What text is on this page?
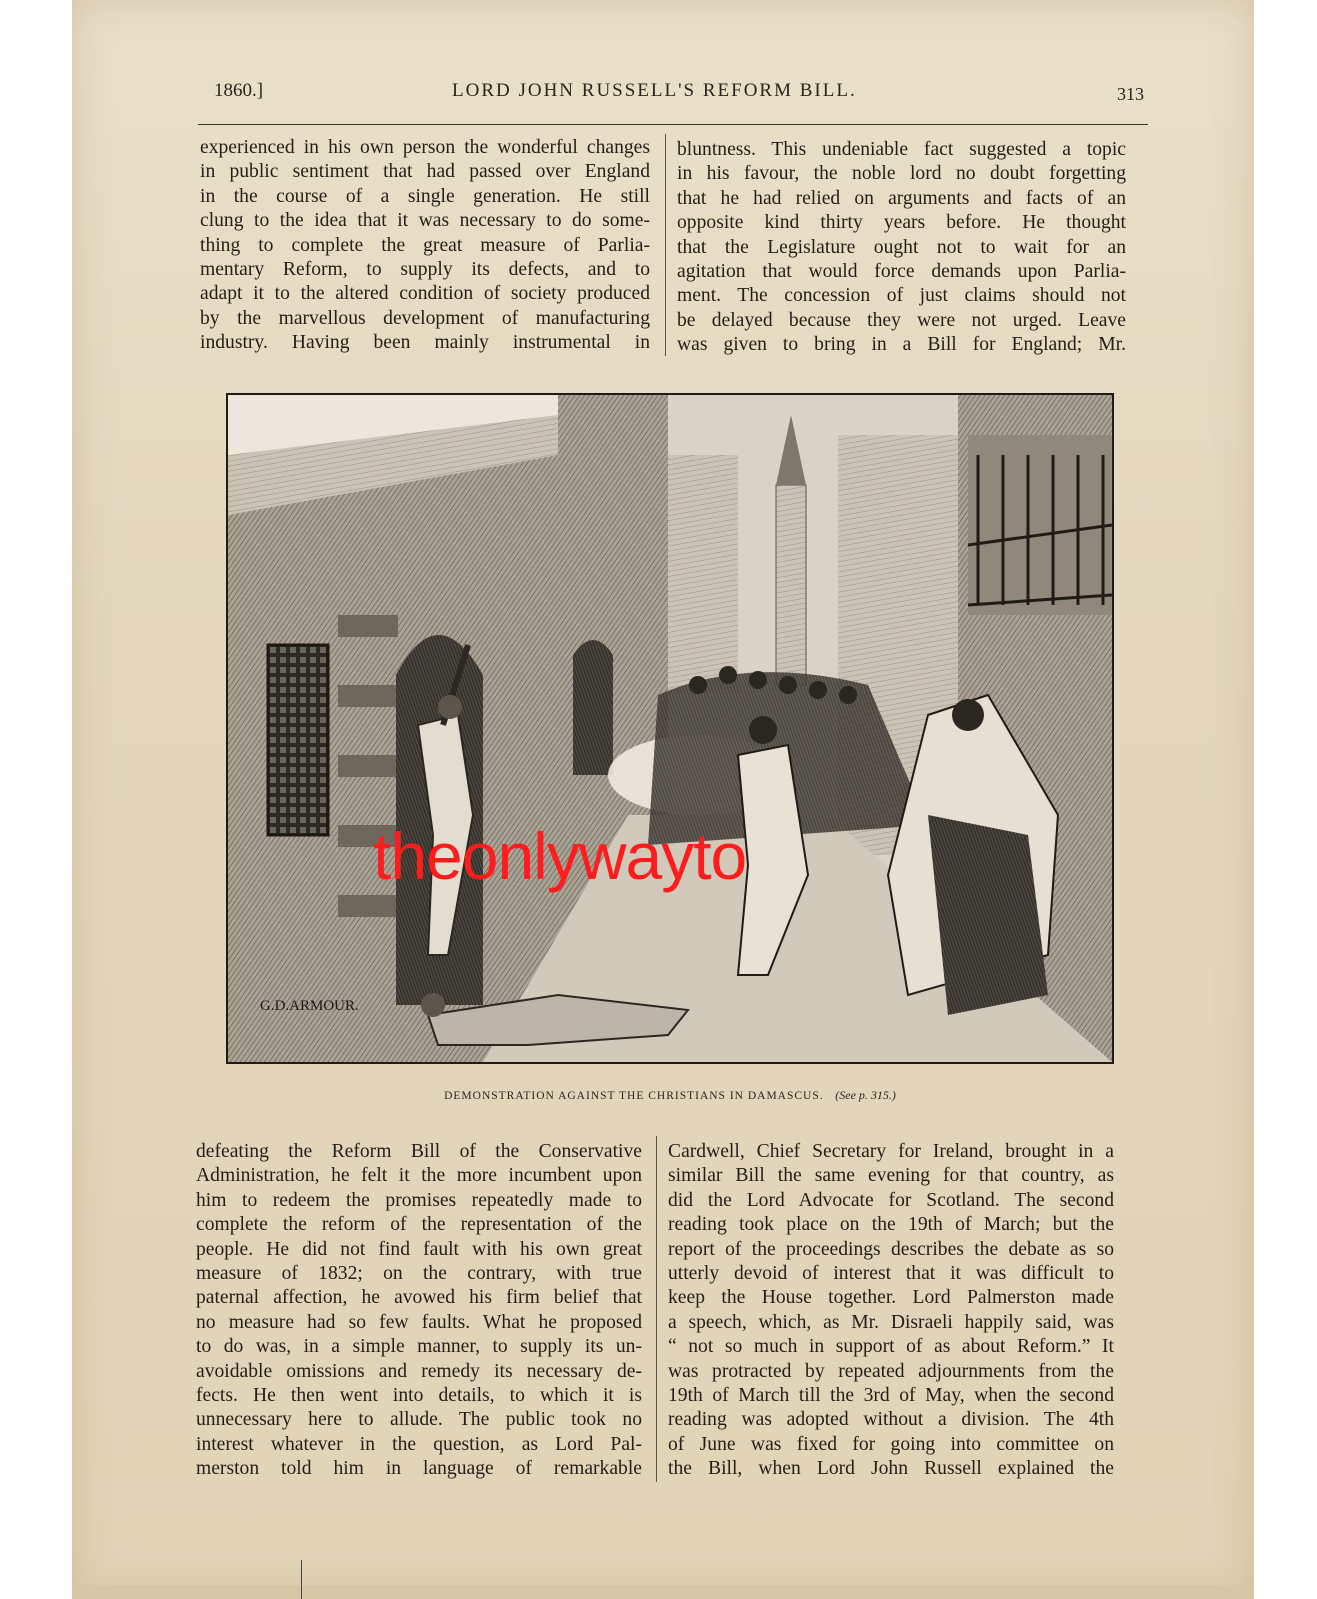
1860.]	LORD JOHN RUSSELL'S REFORM BILL.	313
experienced in his own person the wonderful changes
in public sentiment that had passed over England
in the course of a single generation. He still
clung to the idea that it was necessary to do some-
thing to complete the great measure of Parlia-
mentary Reform, to supply its defects, and to
adapt it to the altered condition of society produced
by the marvellous development of manufacturing
industry. Having been mainly instrumental in
bluntness. This undeniable fact suggested a topic
in his favour, the noble lord no doubt forgetting
that he had relied on arguments and facts of an
opposite kind thirty years before. He thought
that the Legislature ought not to wait for an
agitation that would force demands upon Parlia-
ment. The concession of just claims should not
be delayed because they were not urged. Leave
was given to bring in a Bill for England; Mr.
G.D.ARMOUR.
DEMONSTRATION AGAINST THE CHRISTIANS IN DAMASCUS. (See p. 315.)
theonlywayto
defeating the Reform Bill of the Conservative
Administration, he felt it the more incumbent upon
him to redeem the promises repeatedly made to
complete the reform of the representation of the
people. He did not find fault with his own great
measure of 1832; on the contrary, with true
paternal affection, he avowed his firm belief that
no measure had so few faults. What he proposed
to do was, in a simple manner, to supply its un-
avoidable omissions and remedy its necessary de-
fects. He then went into details, to which it is
unnecessary here to allude. The public took no
interest whatever in the question, as Lord Pal-
merston told him in language of remarkable
Cardwell, Chief Secretary for Ireland, brought in a
similar Bill the same evening for that country, as
did the Lord Advocate for Scotland. The second
reading took place on the 19th of March; but the
report of the proceedings describes the debate as so
utterly devoid of interest that it was difficult to
keep the House together. Lord Palmerston made
a speech, which, as Mr. Disraeli happily said, was
“ not so much in support of as about Reform.” It
was protracted by repeated adjournments from the
19th of March till the 3rd of May, when the second
reading was adopted without a division. The 4th
of June was fixed for going into committee on
the Bill, when Lord John Russell explained the
